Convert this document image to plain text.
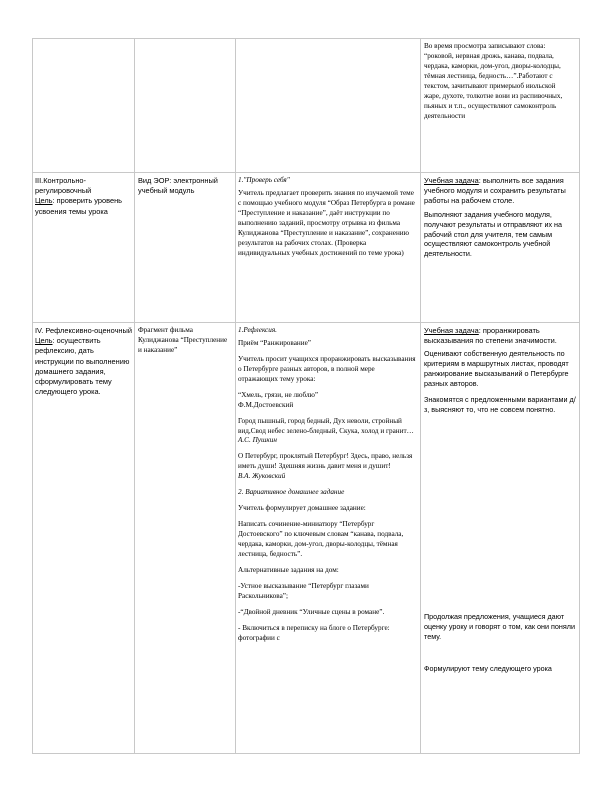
Во время просмотра записывают слова: “роковой, нервная дрожь, канава, подвала, чердака, каморки, дом-угол, дворы-колодцы, тёмная лестница, бедность…”.Работают с текстом, зачитывают примерыоб июльской жаре, духоте, толкотне вони из распивочных, пьяных и т.п., осуществляют самоконтроль деятельности
III.Контрольно-регулировочный
Цель: проверить уровень усвоения темы урока
Вид ЭОР: электронный учебный модуль

1."Проверь себя"

Учитель предлагает проверить знания по изучаемой теме с помощью учебного модуля “Образ Петербурга в романе “Преступление и наказание”, даёт инструкции по выполнению заданий, просмотру отрывка из фильма Кулиджанова “Преступление и наказание”, сохранению результатов на рабочих столах. (Проверка индивидуальных учебных достижений по теме урока)

Учебная задача: выполнить все задания учебного модуля и сохранить результаты работы на рабочем столе.

Выполняют задания учебного модуля, получают результаты и отправляют их на рабочий стол для учителя, тем самым осуществляют самоконтроль учебной деятельности.

IV. Рефлексивно-оценочный
Цель: осуществить рефлексию, дать инструкции по выполнению домашнего задания, сформулировать тему следующего урока.
Фрагмент фильма Кулиджанова “Преступление и наказание”

1.Рефлексия.

Приём “Ранжирование”

Учитель просит учащихся проранжировать высказывания о Петербурге разных авторов, в полной мере отражающих тему урока:

“Хмель, грязи, не люблю”
Ф.М.Достоевский

Город пышный, город бедный, Дух неволи, стройный вид,Свод небес зелено-бледный, Скука, холод и гранит…
А.С. Пушкин

О Петербург, проклятый Петербург! Здесь, право, нельзя иметь души! Здешняя жизнь давит меня и душит!
В.А. Жуковский

2. Вариативное домашнее задание

Учитель формулирует домашнее задание:

Написать сочинение-миниатюру “Петербург Достоевского” по ключевым словам “канава, подвала, чердака, каморки, дом-угол, дворы-колодцы, тёмная лестница, бедность”.

Альтернативные задания на дом:

-Устное высказывание “Петербург глазами Раскольникова”;

-“Двойной дневник “Уличные сцены в романе”.

- Включиться в переписку на блоге о Петербурге: фотографии с

Учебная задача: проранжировать высказывания по степени значимости.

Оценивают собственную деятельность по критериям в маршрутных листах, проводят ранжирование высказываний о Петербурге разных авторов.

Знакомятся с предложенными вариантами д/з, выясняют то, что не совсем понятно.

Продолжая предложения, учащиеся дают оценку уроку и говорят о том, как они поняли тему.

Формулируют тему следующего урока
